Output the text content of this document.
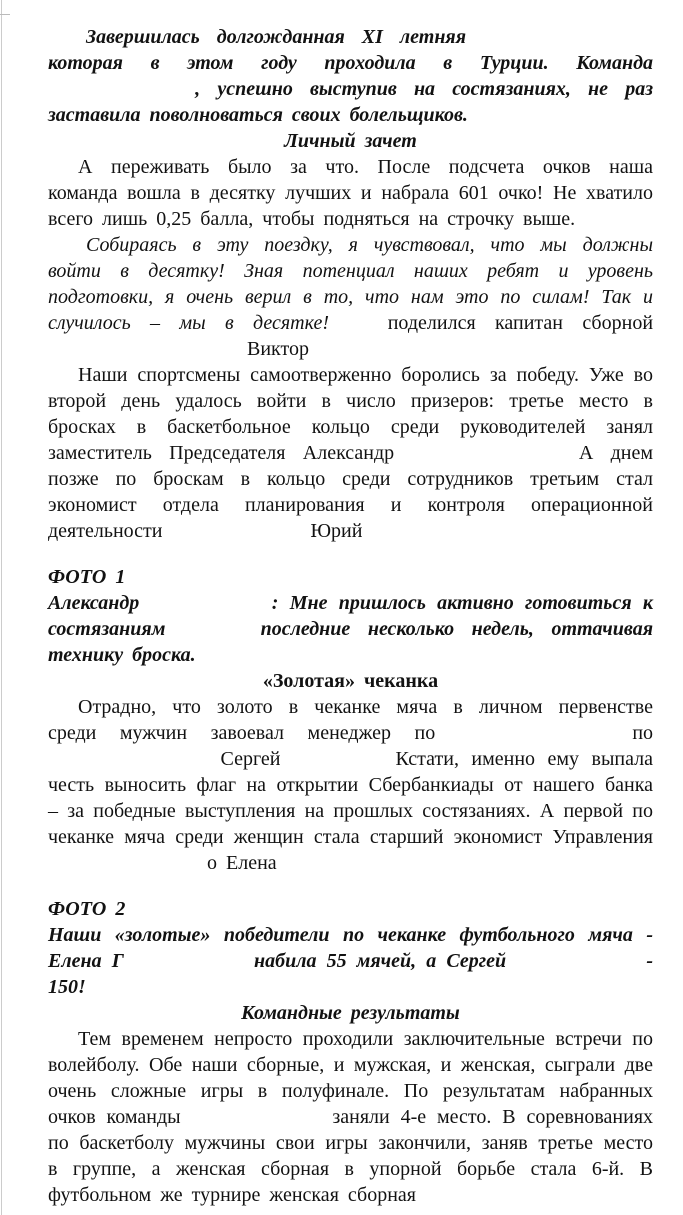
Завершилась долгожданная XI летняя  которая в этом году проходила в Турции. Команда  , успешно выступив на состязаниях, не раз заставила поволноваться своих болельщиков.

Личный зачет

А переживать было за что. После подсчета очков наша команда вошла в десятку лучших и набрала 601 очко! Не хватило всего лишь 0,25 балла, чтобы подняться на строчку выше.

Собираясь в эту поездку, я чувствовал, что мы должны войти в десятку! Зная потенциал наших ребят и уровень подготовки, я очень верил в то, что нам это по силам! Так и случилось – мы в десятке!	поделился капитан сборной  Виктор

Наши спортсмены самоотверженно боролись за победу. Уже во второй день удалось войти в число призеров: третье место в бросках в баскетбольное кольцо среди руководителей занял заместитель Председателя Александр	А днем позже по броскам в кольцо среди сотрудников третьим стал экономист отдела планирования и контроля операционной деятельности	Юрий

ФОТО 1

Александр	: Мне пришлось активно готовиться к состязаниям	последние несколько недель, оттачивая технику броска.

«Золотая» чеканка

Отрадно, что золото в чеканке мяча в личном первенстве среди мужчин завоевал менеджер по	по  Сергей	Кстати, именно ему выпала честь выносить флаг на открытии Сбербанкиады от нашего банка – за победные выступления на прошлых состязаниях. А первой по чеканке мяча среди женщин стала старший экономист Управления  о Елена

ФОТО 2

Наши «золотые» победители по чеканке футбольного мяча - Елена Г	набила 55 мячей, а Сергей	- 150!

Командные результаты

Тем временем непросто проходили заключительные встречи по волейболу. Обе наши сборные, и мужская, и женская, сыграли две очень сложные игры в полуфинале. По результатам набранных очков команды	заняли 4-е место. В соревнованиях по баскетболу мужчины свои игры закончили, заняв третье место в группе, а женская сборная в упорной борьбе стала 6-й. В футбольном же турнире женская сборная
